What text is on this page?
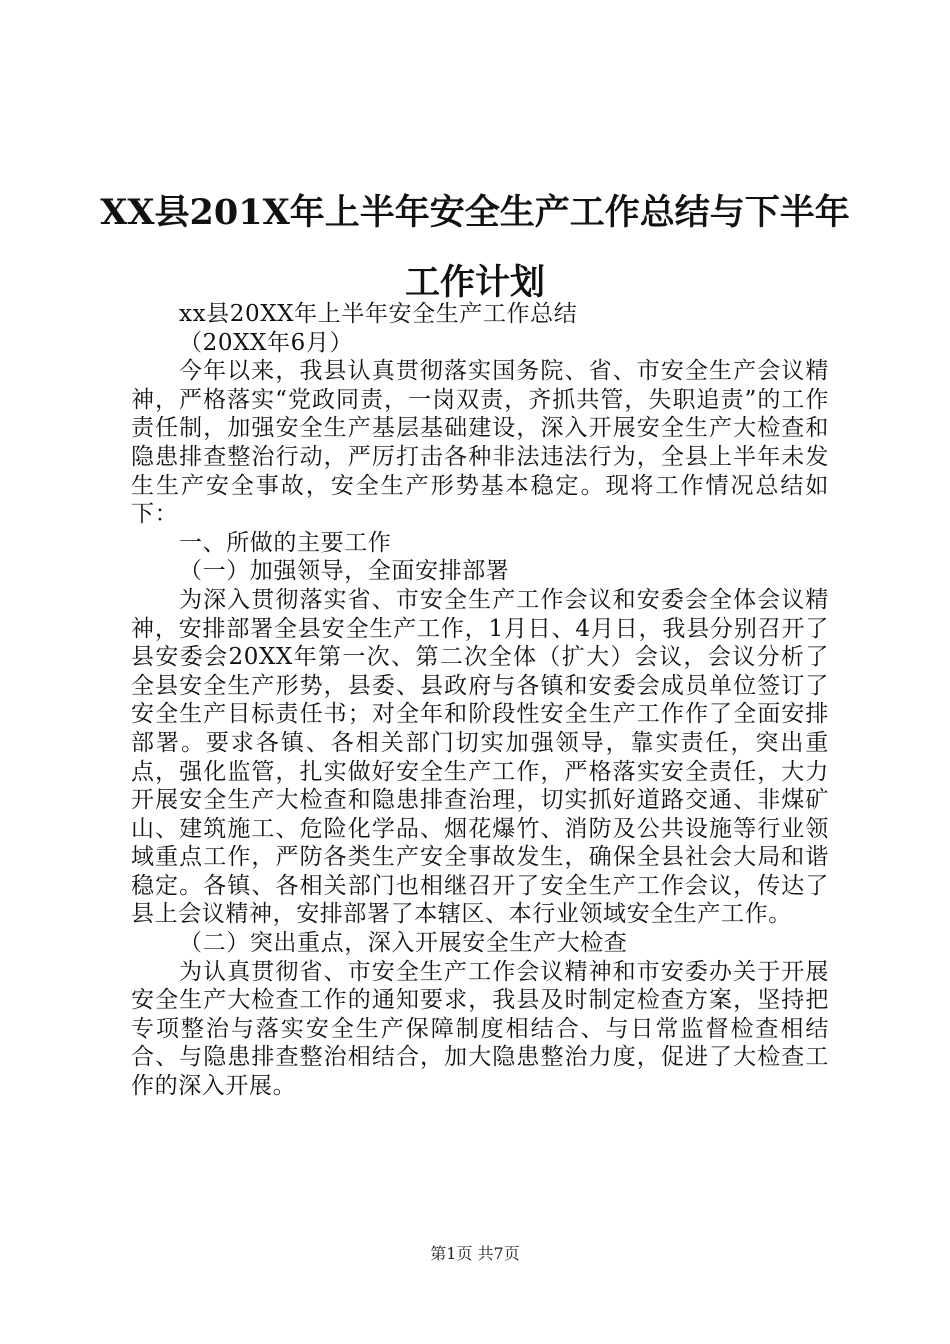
XX县201X年上半年安全生产工作总结与下半年工作计划

xx县20XX年上半年安全生产工作总结

（20XX年6月）

今年以来，我县认真贯彻落实国务院、省、市安全生产会议精神，严格落实“党政同责，一岗双责，齐抓共管，失职追责”的工作责任制，加强安全生产基层基础建设，深入开展安全生产大检查和隐患排查整治行动，严厉打击各种非法违法行为，全县上半年未发生生产安全事故，安全生产形势基本稳定。现将工作情况总结如下：

一、所做的主要工作

（一）加强领导，全面安排部署

为深入贯彻落实省、市安全生产工作会议和安委会全体会议精神，安排部署全县安全生产工作，1月日、4月日，我县分别召开了县安委会20XX年第一次、第二次全体（扩大）会议，会议分析了全县安全生产形势，县委、县政府与各镇和安委会成员单位签订了安全生产目标责任书；对全年和阶段性安全生产工作作了全面安排部署。要求各镇、各相关部门切实加强领导，靠实责任，突出重点，强化监管，扎实做好安全生产工作，严格落实安全责任，大力开展安全生产大检查和隐患排查治理，切实抓好道路交通、非煤矿山、建筑施工、危险化学品、烟花爆竹、消防及公共设施等行业领域重点工作，严防各类生产安全事故发生，确保全县社会大局和谐稳定。各镇、各相关部门也相继召开了安全生产工作会议，传达了县上会议精神，安排部署了本辖区、本行业领域安全生产工作。

（二）突出重点，深入开展安全生产大检查

为认真贯彻省、市安全生产工作会议精神和市安委办关于开展安全生产大检查工作的通知要求，我县及时制定检查方案，坚持把专项整治与落实安全生产保障制度相结合、与日常监督检查相结合、与隐患排查整治相结合，加大隐患整治力度，促进了大检查工作的深入开展。

第1页 共7页
